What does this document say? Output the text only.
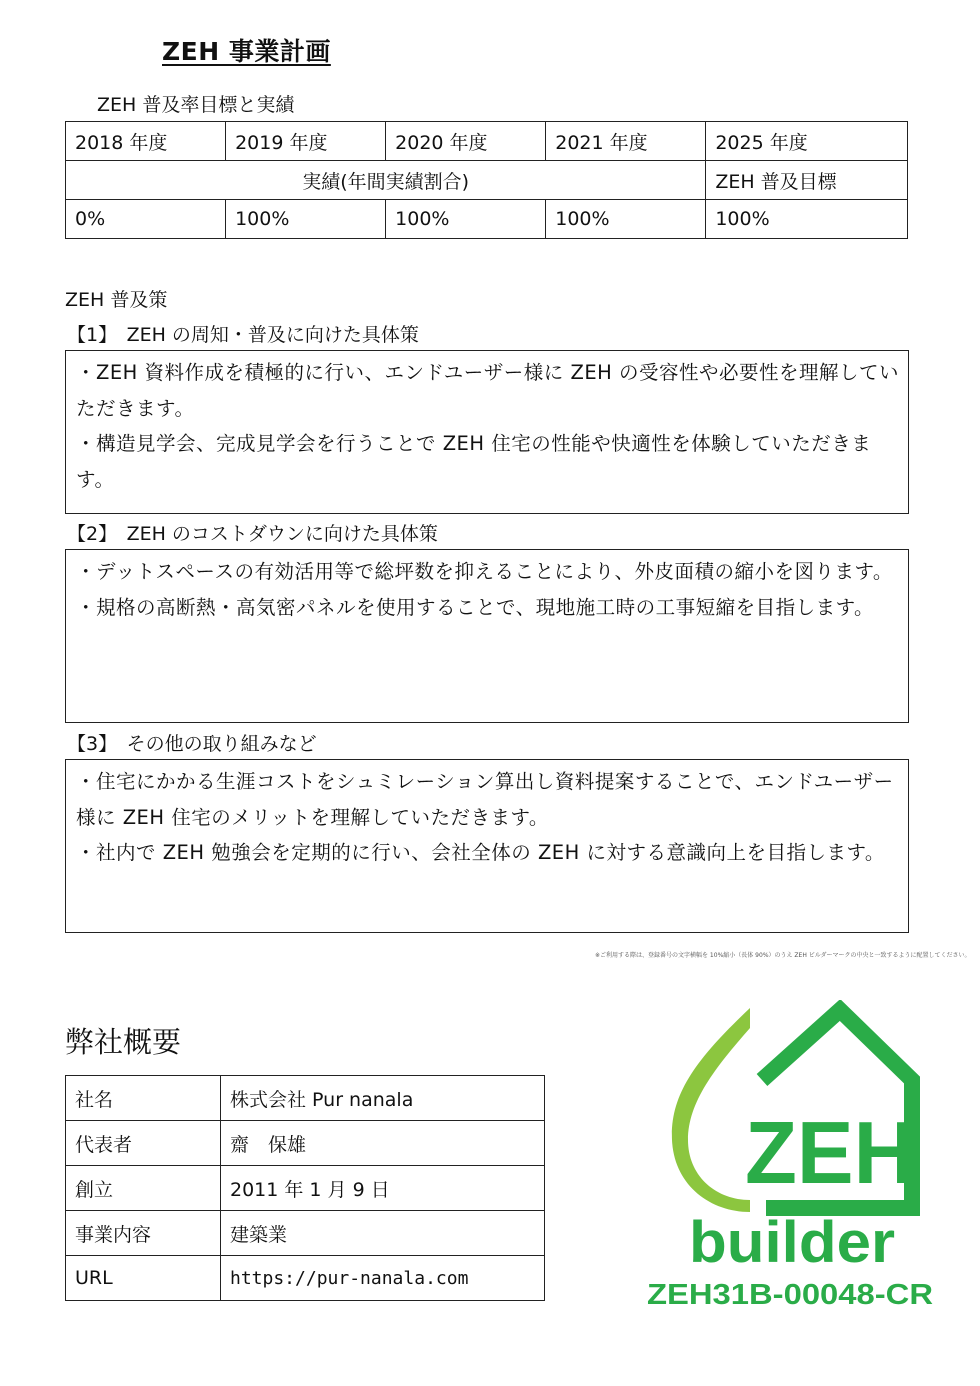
ZEH 事業計画
ZEH 普及率目標と実績
2018 年度	2019 年度	2020 年度	2021 年度	2025 年度
実績(年間実績割合)				ZEH 普及目標
0%	100%	100%	100%	100%
ZEH 普及策
【1】　ZEH の周知・普及に向けた具体策

・ZEH 資料作成を積極的に行い、エンドユーザー様に ZEH の受容性や必要性を理解していただきます。

・構造見学会、完成見学会を行うことで ZEH 住宅の性能や快適性を体験していただきます。

【2】　ZEH のコストダウンに向けた具体策

・デットスペースの有効活用等で総坪数を抑えることにより、外皮面積の縮小を図ります。

・規格の高断熱・高気密パネルを使用することで、現地施工時の工事短縮を目指します。

【3】　その他の取り組みなど

・住宅にかかる生涯コストをシュミレーション算出し資料提案することで、エンドユーザー様に ZEH 住宅のメリットを理解していただきます。

・社内で ZEH 勉強会を定期的に行い、会社全体の ZEH に対する意識向上を目指します。

※ご利用する際は、登録番号の文字横幅を 10%縮小（長体 90%）のうえ ZEH ビルダーマークの中央と一致するように配置してください。
弊社概要
社名	株式会社 Pur nanala
代表者	齋　保雄
創立	2011 年 1 月 9 日
事業内容	建築業
URL	https://pur-nanala.com
ZEH
builder
ZEH31B-00048-CR
